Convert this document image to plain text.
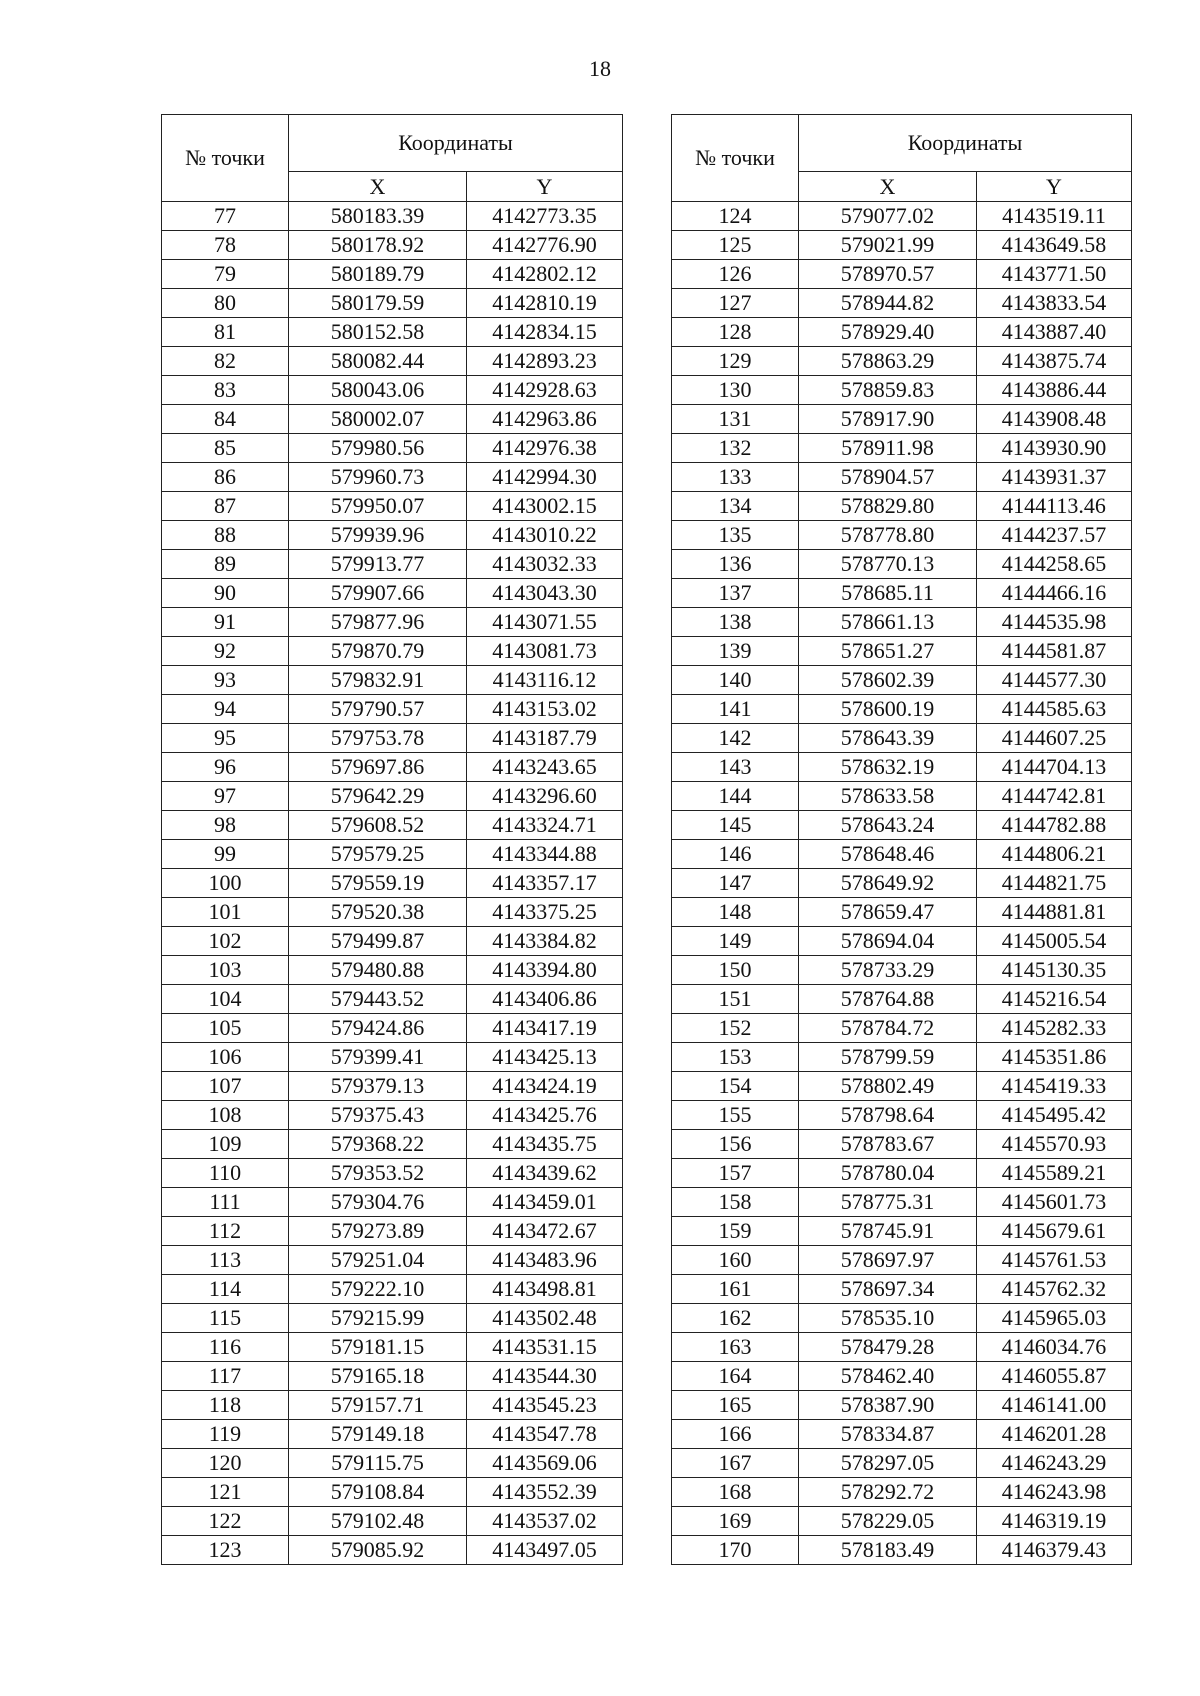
18
№ точки	Координаты	
	X	Y
77	580183.39	4142773.35
78	580178.92	4142776.90
79	580189.79	4142802.12
80	580179.59	4142810.19
81	580152.58	4142834.15
82	580082.44	4142893.23
83	580043.06	4142928.63
84	580002.07	4142963.86
85	579980.56	4142976.38
86	579960.73	4142994.30
87	579950.07	4143002.15
88	579939.96	4143010.22
89	579913.77	4143032.33
90	579907.66	4143043.30
91	579877.96	4143071.55
92	579870.79	4143081.73
93	579832.91	4143116.12
94	579790.57	4143153.02
95	579753.78	4143187.79
96	579697.86	4143243.65
97	579642.29	4143296.60
98	579608.52	4143324.71
99	579579.25	4143344.88
100	579559.19	4143357.17
101	579520.38	4143375.25
102	579499.87	4143384.82
103	579480.88	4143394.80
104	579443.52	4143406.86
105	579424.86	4143417.19
106	579399.41	4143425.13
107	579379.13	4143424.19
108	579375.43	4143425.76
109	579368.22	4143435.75
110	579353.52	4143439.62
111	579304.76	4143459.01
112	579273.89	4143472.67
113	579251.04	4143483.96
114	579222.10	4143498.81
115	579215.99	4143502.48
116	579181.15	4143531.15
117	579165.18	4143544.30
118	579157.71	4143545.23
119	579149.18	4143547.78
120	579115.75	4143569.06
121	579108.84	4143552.39
122	579102.48	4143537.02
123	579085.92	4143497.05
№ точки	Координаты	
	X	Y
124	579077.02	4143519.11
125	579021.99	4143649.58
126	578970.57	4143771.50
127	578944.82	4143833.54
128	578929.40	4143887.40
129	578863.29	4143875.74
130	578859.83	4143886.44
131	578917.90	4143908.48
132	578911.98	4143930.90
133	578904.57	4143931.37
134	578829.80	4144113.46
135	578778.80	4144237.57
136	578770.13	4144258.65
137	578685.11	4144466.16
138	578661.13	4144535.98
139	578651.27	4144581.87
140	578602.39	4144577.30
141	578600.19	4144585.63
142	578643.39	4144607.25
143	578632.19	4144704.13
144	578633.58	4144742.81
145	578643.24	4144782.88
146	578648.46	4144806.21
147	578649.92	4144821.75
148	578659.47	4144881.81
149	578694.04	4145005.54
150	578733.29	4145130.35
151	578764.88	4145216.54
152	578784.72	4145282.33
153	578799.59	4145351.86
154	578802.49	4145419.33
155	578798.64	4145495.42
156	578783.67	4145570.93
157	578780.04	4145589.21
158	578775.31	4145601.73
159	578745.91	4145679.61
160	578697.97	4145761.53
161	578697.34	4145762.32
162	578535.10	4145965.03
163	578479.28	4146034.76
164	578462.40	4146055.87
165	578387.90	4146141.00
166	578334.87	4146201.28
167	578297.05	4146243.29
168	578292.72	4146243.98
169	578229.05	4146319.19
170	578183.49	4146379.43
